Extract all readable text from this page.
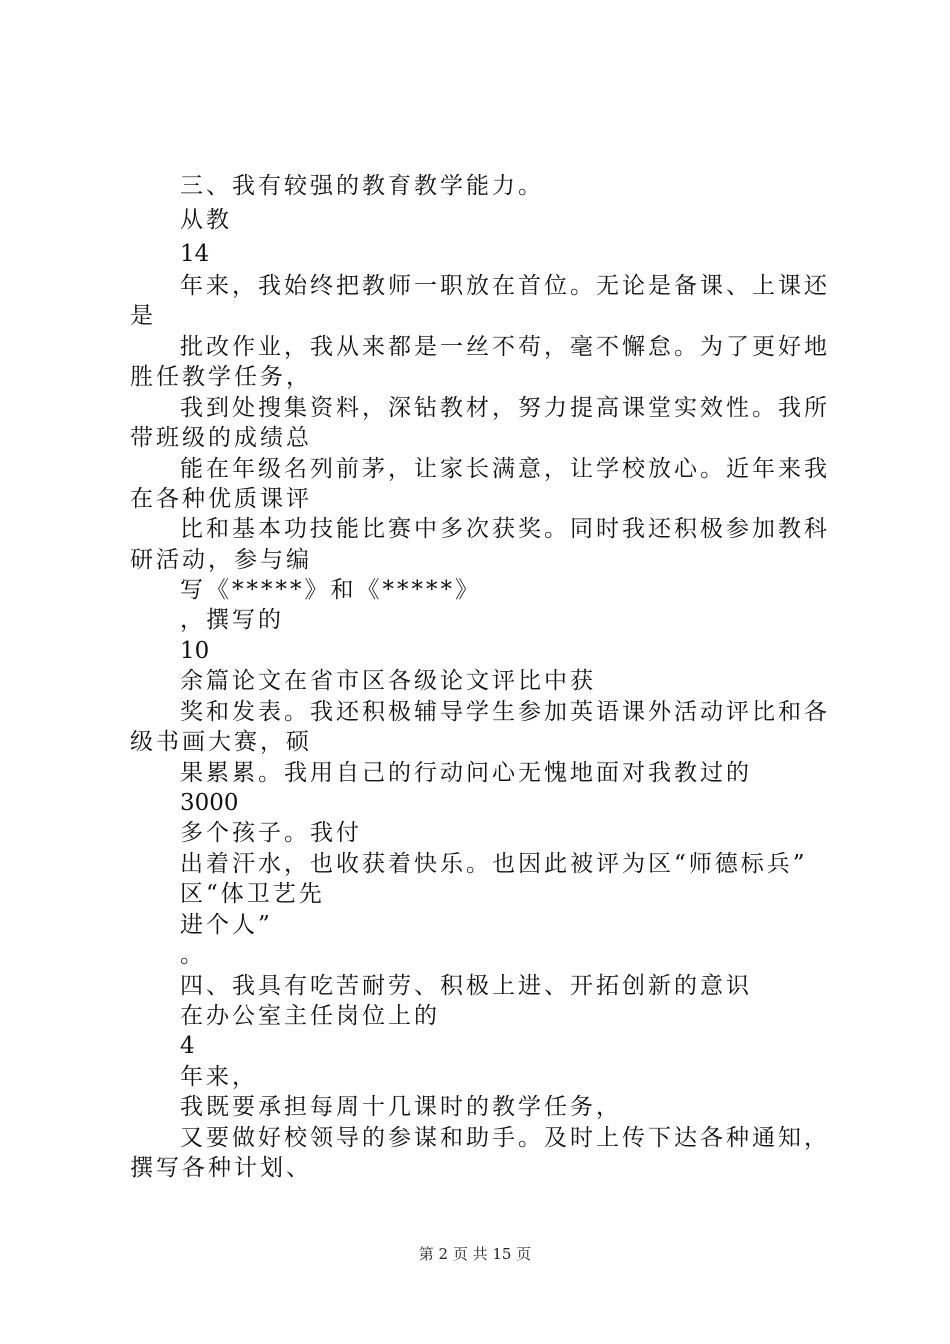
三、我有较强的教育教学能力。
从教
14
年来，我始终把教师一职放在首位。无论是备课、上课还
是
批改作业，我从来都是一丝不苟，毫不懈怠。为了更好地
胜任教学任务，
我到处搜集资料，深钻教材，努力提高课堂实效性。我所
带班级的成绩总
能在年级名列前茅，让家长满意，让学校放心。近年来我
在各种优质课评
比和基本功技能比赛中多次获奖。同时我还积极参加教科
研活动，参与编
写《*****》和《*****》
，撰写的
10
余篇论文在省市区各级论文评比中获
奖和发表。我还积极辅导学生参加英语课外活动评比和各
级书画大赛，硕
果累累。我用自己的行动问心无愧地面对我教过的
3000
多个孩子。我付
出着汗水，也收获着快乐。也因此被评为区“师德标兵”
区“体卫艺先
进个人”
。
四、我具有吃苦耐劳、积极上进、开拓创新的意识
在办公室主任岗位上的
4
年来，
我既要承担每周十几课时的教学任务，
又要做好校领导的参谋和助手。及时上传下达各种通知，
撰写各种计划、
第 2 页 共 15 页
